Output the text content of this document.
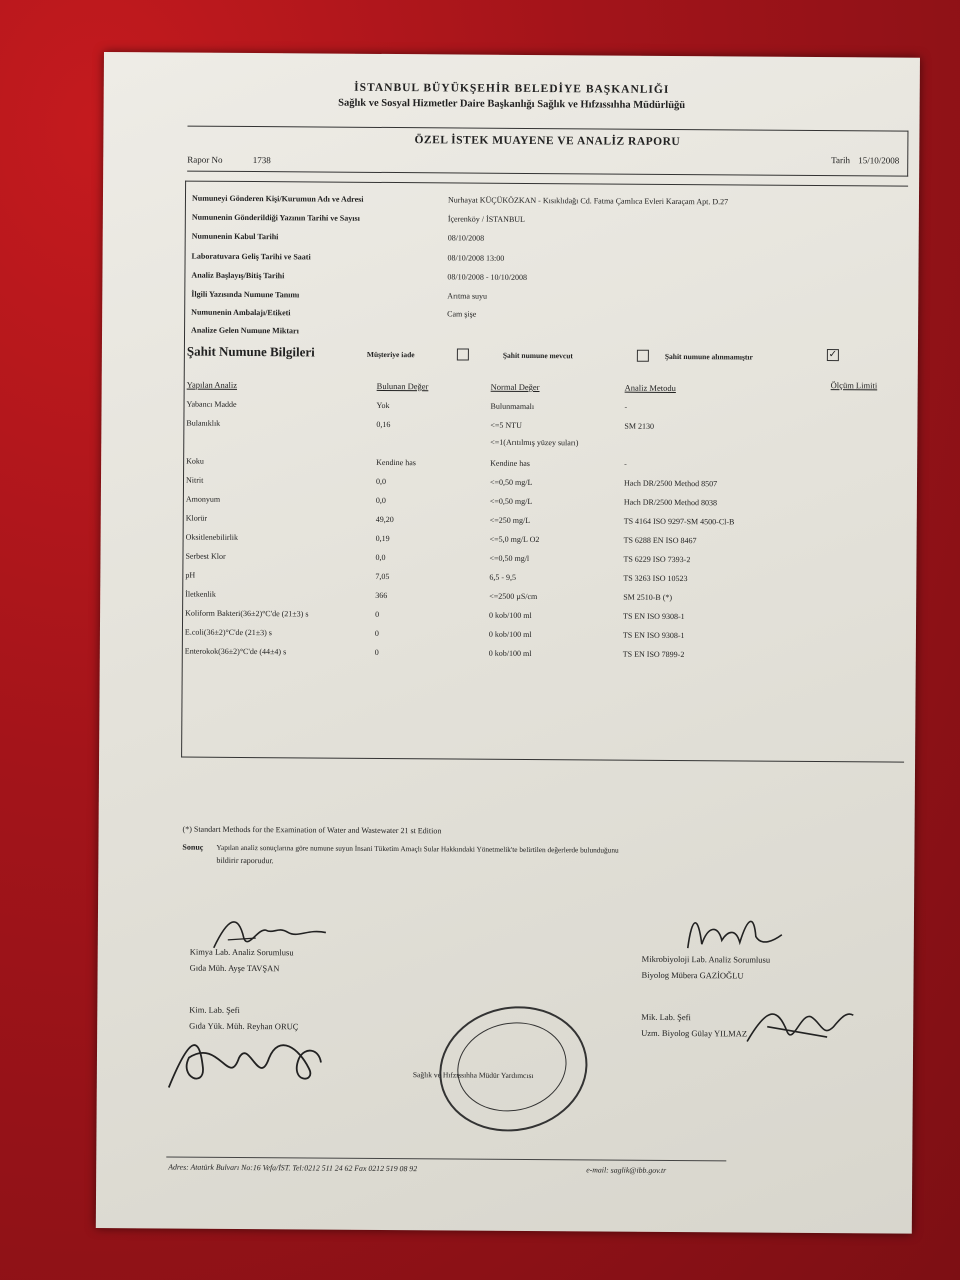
İSTANBUL BÜYÜKŞEHİR BELEDİYE BAŞKANLIĞI
Sağlık ve Sosyal Hizmetler Daire Başkanlığı Sağlık ve Hıfzıssıhha Müdürlüğü
ÖZEL İSTEK MUAYENE VE ANALİZ RAPORU
Rapor No	1738	Tarih 15/10/2008
Numuneyi Gönderen Kişi/Kurumun Adı ve Adresi	Nurhayat KÜÇÜKÖZKAN - Kısıklıdağı Cd. Fatma Çamlıca Evleri Karaçam Apt. D.27
Numunenin Gönderildiği Yazının Tarihi ve Sayısı	İçerenköy / İSTANBUL
Numunenin Kabul Tarihi	08/10/2008
Laboratuvara Geliş Tarihi ve Saati	08/10/2008 13:00
Analiz Başlayış/Bitiş Tarihi	08/10/2008 - 10/10/2008
İlgili Yazısında Numune Tanımı	Arıtma suyu
Numunenin Ambalajı/Etiketi	Cam şişe
Analize Gelen Numune Miktarı
Şahit Numune Bilgileri	Müşteriye iade	Şahit numune mevcut	Şahit numune alınmamıştır	✓
Yapılan Analiz	Bulunan Değer	Normal Değer	Analiz Metodu	Ölçüm Limiti
Yabancı Madde	Yok	Bulunmamalı	-
Bulanıklık	0,16	<=5 NTU	SM 2130
<=1(Arıtılmış yüzey suları)
Koku	Kendine has	Kendine has	-
Nitrit	0,0	<=0,50 mg/L	Hach DR/2500 Method 8507
Amonyum	0,0	<=0,50 mg/L	Hach DR/2500 Method 8038
Klorür	49,20	<=250 mg/L	TS 4164 ISO 9297-SM 4500-Cl-B
Oksitlenebilirlik	0,19	<=5,0 mg/L O2	TS 6288 EN ISO 8467
Serbest Klor	0,0	<=0,50 mg/l	TS 6229 ISO 7393-2
pH	7,05	6,5 - 9,5	TS 3263 ISO 10523
İletkenlik	366	<=2500 µS/cm	SM 2510-B (*)
Koliform Bakteri(36±2)°C'de (21±3) s	0	0 kob/100 ml	TS EN ISO 9308-1
E.coli(36±2)°C'de (21±3) s	0	0 kob/100 ml	TS EN ISO 9308-1
Enterokok(36±2)°C'de (44±4) s	0	0 kob/100 ml	TS EN ISO 7899-2
(*) Standart Methods for the Examination of Water and Wastewater 21 st Edition
Sonuç Yapılan analiz sonuçlarına göre numune suyun İnsani Tüketim Amaçlı Sular Hakkındaki Yönetmelik'te belirtilen değerlerde bulunduğunu
bildirir raporudur.
Kimya Lab. Analiz Sorumlusu
Gıda Müh. Ayşe TAVŞAN
Mikrobiyoloji Lab. Analiz Sorumlusu
Biyolog Mübera GAZİOĞLU
Kim. Lab. Şefi
Gıda Yük. Müh. Reyhan ORUÇ
Mik. Lab. Şefi
Uzm. Biyolog Gülay YILMAZ
Sağlık ve Hıfzıssıhha Müdür Yardımcısı
Adres: Atatürk Bulvarı No:16 Vefa/İST. Tel:0212 511 24 62 Fax 0212 519 08 92	e-mail: saglik@ibb.gov.tr
